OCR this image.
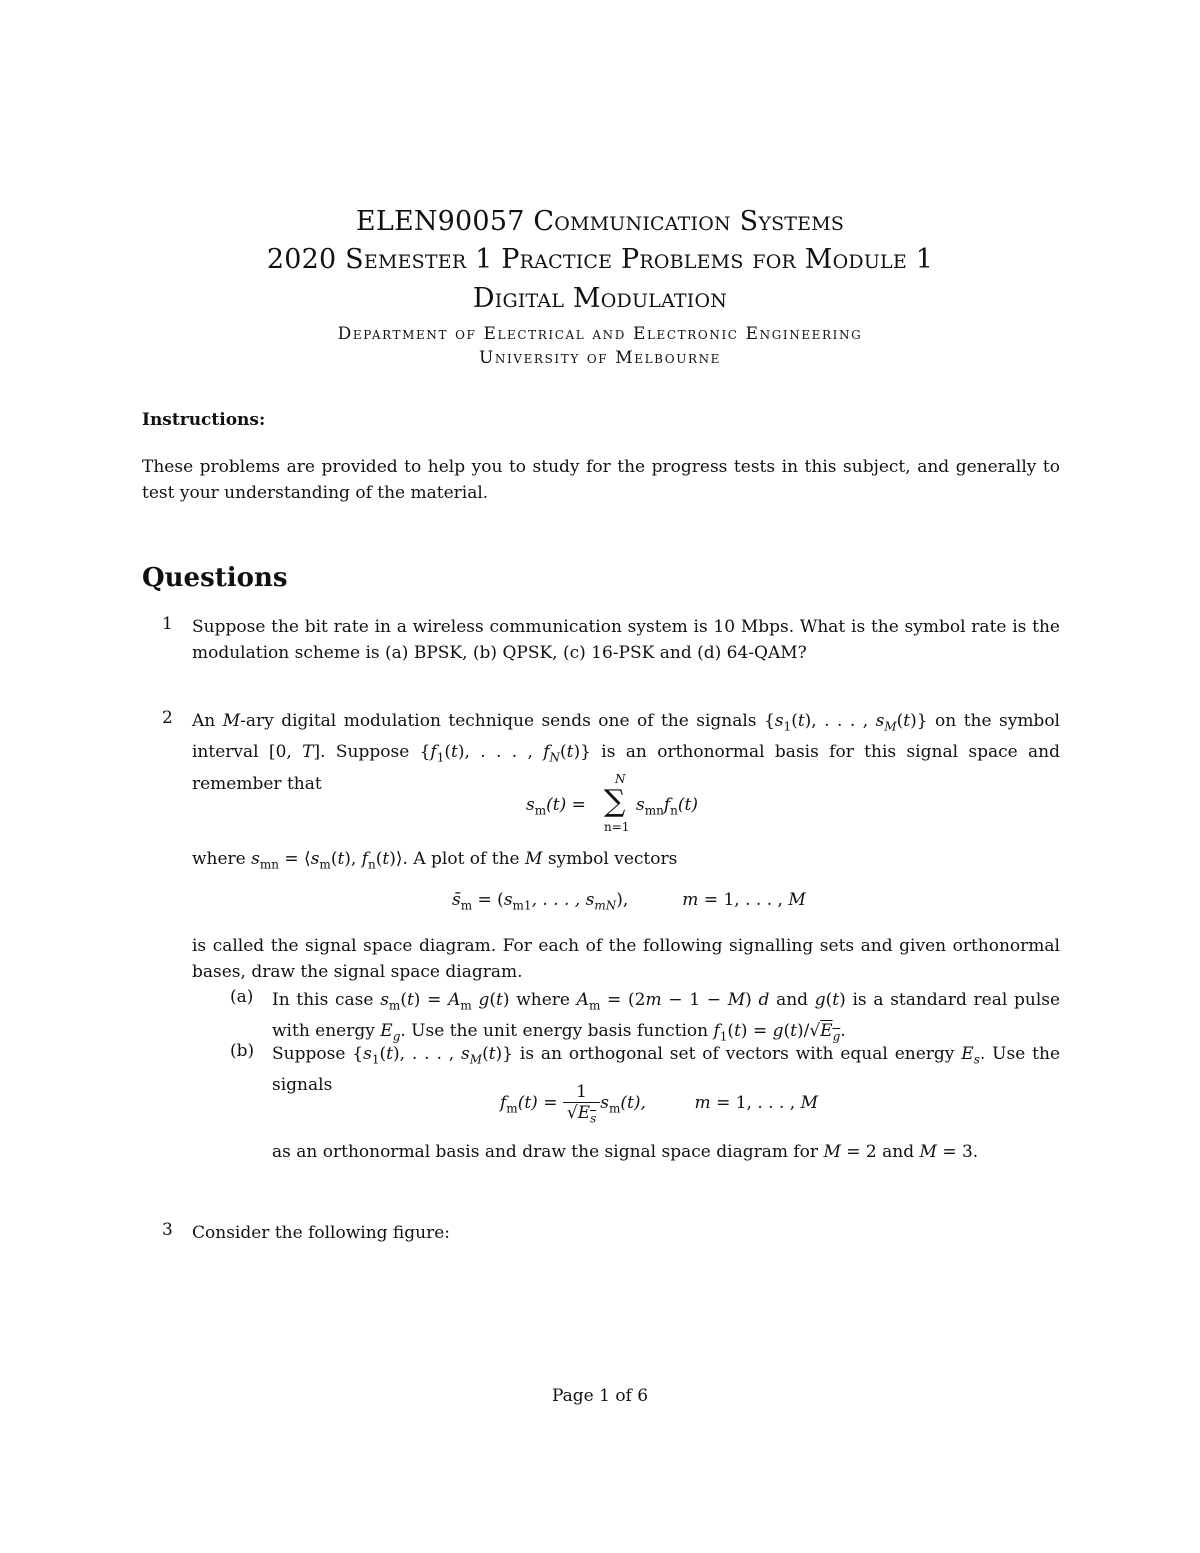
ELEN90057 Communication Systems
2020 Semester 1 Practice Problems for Module 1
Digital Modulation
Department of Electrical and Electronic Engineering
University of Melbourne
Instructions:
These problems are provided to help you to study for the progress tests in this subject, and generally to test your understanding of the material.
Questions
1 Suppose the bit rate in a wireless communication system is 10 Mbps. What is the symbol rate is the modulation scheme is (a) BPSK, (b) QPSK, (c) 16-PSK and (d) 64-QAM?
2 An M-ary digital modulation technique sends one of the signals {$s_1(t)$, . . . , $s_M(t)$} on the symbol interval [0, T]. Suppose {$f_1(t)$, . . . , $f_N(t)$} is an orthonormal basis for this signal space and remember that	N
$s_m(t)$ = ∑ $s_{mn}f_n(t)$
n=1
where $s_{mn}$ = $⟨s_m(t)$, $f_n(t)⟩$. A plot of the M symbol vectors
$s̄_m = (s_{m1}$, . . . , $s_{mN}$),          m = 1, . . . , M
is called the signal space diagram. For each of the following signalling sets and given orthonormal bases, draw the signal space diagram.
(a) In this case $s_m(t) = A_m$ g(t) where $A_m = (2m - 1 - M)$ d and g(t) is a standard real pulse with energy $E_g$. Use the unit energy basis function $f_1(t) = g(t)/√E_g$.
(b) Suppose {$s_1(t)$, . . . , $s_M(t)$} is an orthogonal set of vectors with equal energy $E_s$. Use the signals
$f_m(t) = \frac{1}{√E_s} s_m(t)$,         m = 1, . . . , M
as an orthonormal basis and draw the signal space diagram for M = 2 and M = 3.
3 Consider the following figure:
Page 1 of 6
